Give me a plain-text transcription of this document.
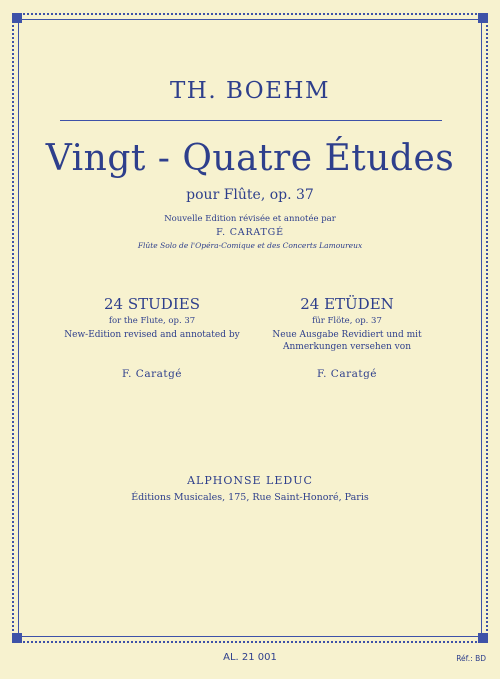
TH. BOEHM
Vingt - Quatre Études
pour Flûte, op. 37
Nouvelle Edition révisée et annotée par
F. CARATGÉ
Flûte Solo de l'Opéra-Comique et des Concerts Lamoureux
24 STUDIES
for the Flute, op. 37
New-Edition revised and annotated by
F. Caratgé
24 ETÜDEN
für Flöte, op. 37
Neue Ausgabe Revidiert und mit
Anmerkungen versehen von
F. Caratgé
ALPHONSE LEDUC
Éditions Musicales, 175, Rue Saint-Honoré, Paris
AL. 21 001	Réf.: BD
